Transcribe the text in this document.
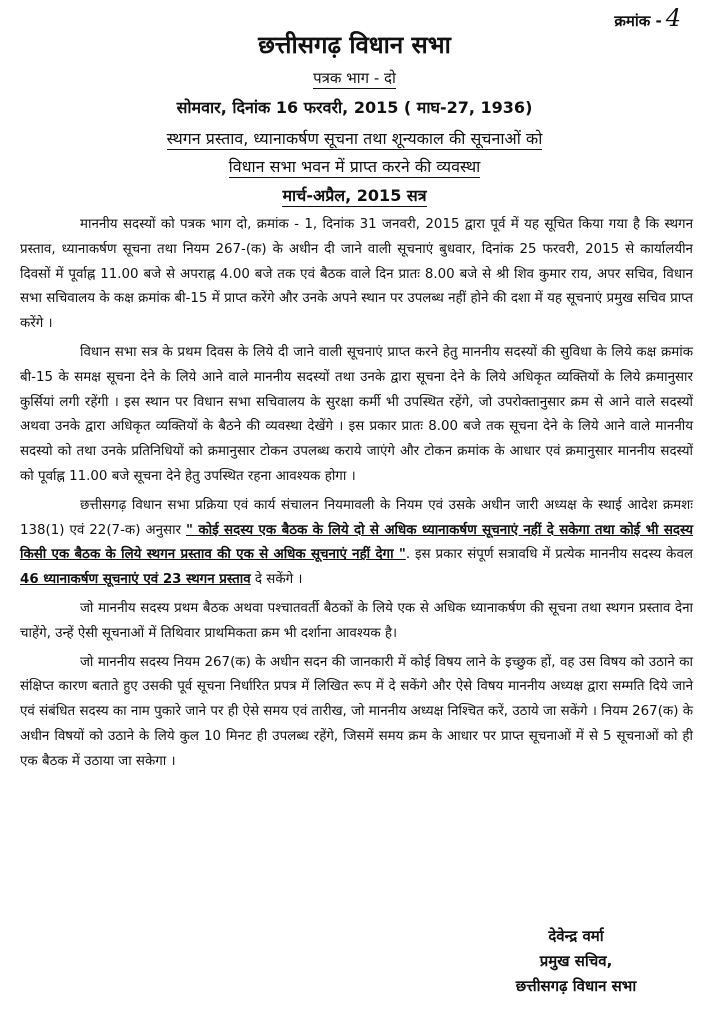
क्रमांक - 4
छत्तीसगढ़ विधान सभा
पत्रक भाग - दो
सोमवार, दिनांक 16 फरवरी, 2015 ( माघ-27, 1936)
स्थगन प्रस्ताव, ध्यानाकर्षण सूचना तथा शून्यकाल की सूचनाओं को
विधान सभा भवन में प्राप्त करने की व्यवस्था
मार्च-अप्रैल, 2015 सत्र

माननीय सदस्यों को पत्रक भाग दो, क्रमांक - 1, दिनांक 31 जनवरी, 2015 द्वारा पूर्व में यह सूचित किया गया है कि स्थगन प्रस्ताव, ध्यानाकर्षण सूचना तथा नियम 267-(क) के अधीन दी जाने वाली सूचनाएं बुधवार, दिनांक 25 फरवरी, 2015 से कार्यालयीन दिवसों में पूर्वाह्न 11.00 बजे से अपराह्न 4.00 बजे तक एवं बैठक वाले दिन प्रातः 8.00 बजे से श्री शिव कुमार राय, अपर सचिव, विधान सभा सचिवालय के कक्ष क्रमांक बी-15 में प्राप्त करेंगे और उनके अपने स्थान पर उपलब्ध नहीं होने की दशा में यह सूचनाएं प्रमुख सचिव प्राप्त करेंगे ।

विधान सभा सत्र के प्रथम दिवस के लिये दी जाने वाली सूचनाएं प्राप्त करने हेतु माननीय सदस्यों की सुविधा के लिये कक्ष क्रमांक बी-15 के समक्ष सूचना देने के लिये आने वाले माननीय सदस्यों तथा उनके द्वारा सूचना देने के लिये अधिकृत व्यक्तियों के लिये क्रमानुसार कुर्सियां लगी रहेंगी । इस स्थान पर विधान सभा सचिवालय के सुरक्षा कर्मी भी उपस्थित रहेंगे, जो उपरोक्तानुसार क्रम से आने वाले सदस्यों अथवा उनके द्वारा अधिकृत व्यक्तियों के बैठने की व्यवस्था देखेंगे । इस प्रकार प्रातः 8.00 बजे तक सूचना देने के लिये आने वाले माननीय सदस्यो को तथा उनके प्रतिनिधियों को क्रमानुसार टोकन उपलब्ध कराये जाएंगे और टोकन क्रमांक के आधार एवं क्रमानुसार माननीय सदस्यों को पूर्वाह्न 11.00 बजे सूचना देने हेतु उपस्थित रहना आवश्यक होगा ।

छत्तीसगढ़ विधान सभा प्रक्रिया एवं कार्य संचालन नियमावली के नियम एवं उसके अधीन जारी अध्यक्ष के स्थाई आदेश क्रमशः 138(1) एवं 22(7-क) अनुसार " कोई सदस्य एक बैठक के लिये दो से अधिक ध्यानाकर्षण सूचनाएं नहीं दे सकेगा तथा कोई भी सदस्य किसी एक बैठक के लिये स्थगन प्रस्ताव की एक से अधिक सूचनाएं नहीं देगा ". इस प्रकार संपूर्ण सत्रावधि में प्रत्येक माननीय सदस्य केवल 46 ध्यानाकर्षण सूचनाएं एवं 23 स्थगन प्रस्ताव दे सकेंगे ।

जो माननीय सदस्य प्रथम बैठक अथवा पश्चातवर्ती बैठकों के लिये एक से अधिक ध्यानाकर्षण की सूचना तथा स्थगन प्रस्ताव देना चाहेंगे, उन्हें ऐसी सूचनाओं में तिथिवार प्राथमिकता क्रम भी दर्शाना आवश्यक है।

जो माननीय सदस्य नियम 267(क) के अधीन सदन की जानकारी में कोई विषय लाने के इच्छुक हों, वह उस विषय को उठाने का संक्षिप्त कारण बताते हुए उसकी पूर्व सूचना निर्धारित प्रपत्र में लिखित रूप में दे सकेंगे और ऐसे विषय माननीय अध्यक्ष द्वारा सम्मति दिये जाने एवं संबंधित सदस्य का नाम पुकारे जाने पर ही ऐसे समय एवं तारीख, जो माननीय अध्यक्ष निश्चित करें, उठाये जा सकेंगे । नियम 267(क) के अधीन विषयों को उठाने के लिये कुल 10 मिनट ही उपलब्ध रहेंगे, जिसमें समय क्रम के आधार पर प्राप्त सूचनाओं में से 5 सूचनाओं को ही एक बैठक में उठाया जा सकेगा ।

देवेन्द्र वर्मा
प्रमुख सचिव,
छत्तीसगढ़ विधान सभा
